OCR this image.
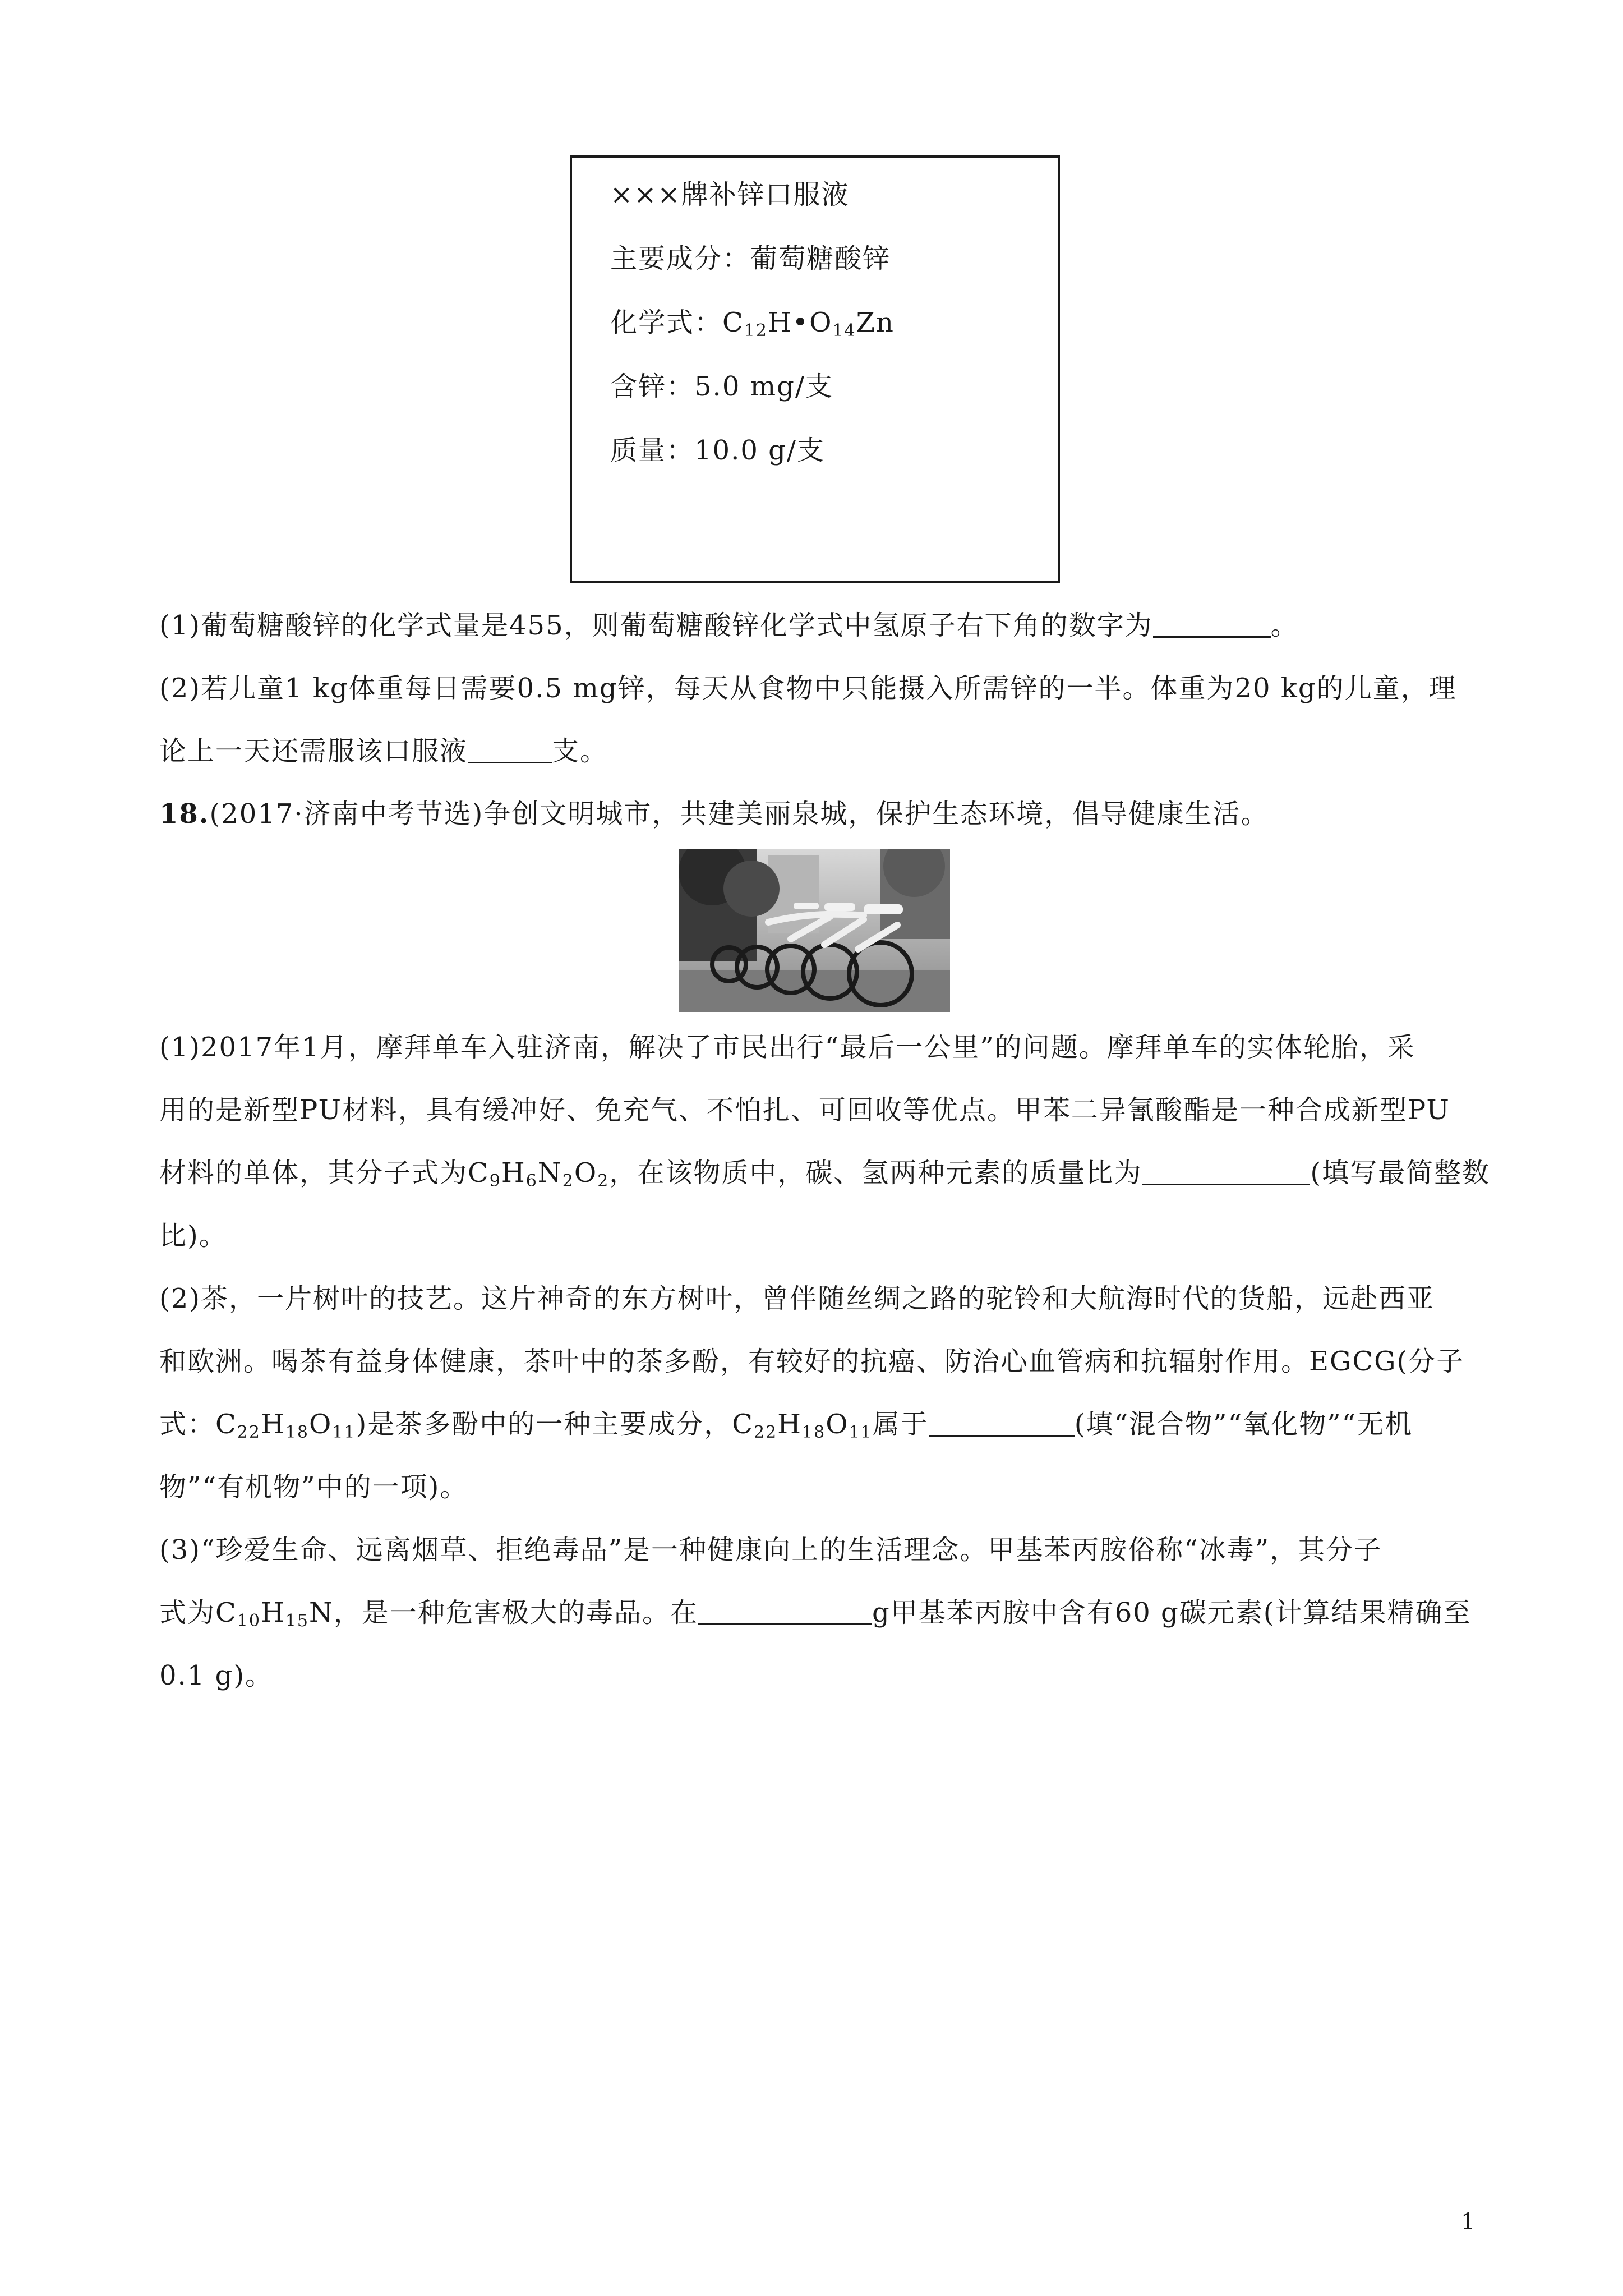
×××牌补锌口服液
主要成分：葡萄糖酸锌
化学式：$C_{12}H•O_{14}Zn$
含锌：5.0 mg/支
质量：10.0 g/支
(1)葡萄糖酸锌的化学式量是455，则葡萄糖酸锌化学式中氢原子右下角的数字为	。
(2)若儿童1 kg体重每日需要0.5 mg锌，每天从食物中只能摄入所需锌的一半。体重为20 kg的儿童，理
论上一天还需服该口服液	支。
18.(2017·济南中考节选)争创文明城市，共建美丽泉城，保护生态环境，倡导健康生活。
(1)2017年1月，摩拜单车入驻济南，解决了市民出行“最后一公里”的问题。摩拜单车的实体轮胎，采
用的是新型PU材料，具有缓冲好、免充气、不怕扎、可回收等优点。甲苯二异氰酸酯是一种合成新型PU
材料的单体，其分子式为$C_9H_6N_2O_2$，在该物质中，碳、氢两种元素的质量比为	(填写最简整数
比)。
(2)茶，一片树叶的技艺。这片神奇的东方树叶，曾伴随丝绸之路的驼铃和大航海时代的货船，远赴西亚
和欧洲。喝茶有益身体健康，茶叶中的茶多酚，有较好的抗癌、防治心血管病和抗辐射作用。EGCG(分子
式：$C_{22}H_{18}O_{11}$)是茶多酚中的一种主要成分，$C_{22}H_{18}O_{11}$属于	(填“混合物”“氧化物”“无机
物”“有机物”中的一项)。
(3)“珍爱生命、远离烟草、拒绝毒品”是一种健康向上的生活理念。甲基苯丙胺俗称“冰毒”，其分子
式为$C_{10}H_{15}N$，是一种危害极大的毒品。在	g甲基苯丙胺中含有60 g碳元素(计算结果精确至
0.1 g)。
1
